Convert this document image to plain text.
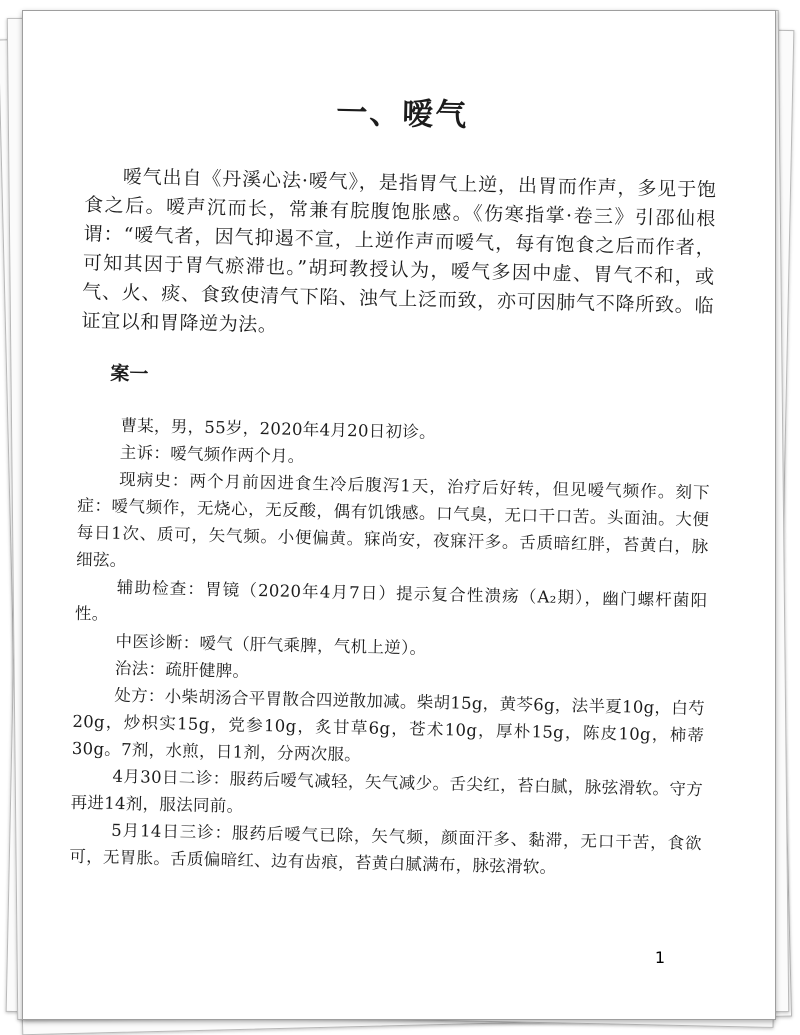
一、嗳气

嗳气出自《丹溪心法·嗳气》，是指胃气上逆，出胃而作声，多见于饱食之后。嗳声沉而长，常兼有脘腹饱胀感。《伤寒指掌·卷三》引邵仙根谓：“嗳气者，因气抑遏不宣，上逆作声而嗳气，每有饱食之后而作者，可知其因于胃气瘀滞也。”胡珂教授认为，嗳气多因中虚、胃气不和，或气、火、痰、食致使清气下陷、浊气上泛而致，亦可因肺气不降所致。临证宜以和胃降逆为法。

案一

曹某，男，55岁，2020年4月20日初诊。

主诉：嗳气频作两个月。

现病史：两个月前因进食生冷后腹泻1天，治疗后好转，但见嗳气频作。刻下症：嗳气频作，无烧心，无反酸，偶有饥饿感。口气臭，无口干口苦。头面油。大便每日1次、质可，矢气频。小便偏黄。寐尚安，夜寐汗多。舌质暗红胖，苔黄白，脉细弦。

辅助检查：胃镜（2020年4月7日）提示复合性溃疡（A₂期），幽门螺杆菌阳性。

中医诊断：嗳气（肝气乘脾，气机上逆）。

治法：疏肝健脾。

处方：小柴胡汤合平胃散合四逆散加减。柴胡15g，黄芩6g，法半夏10g，白芍20g，炒枳实15g，党参10g，炙甘草6g，苍术10g，厚朴15g，陈皮10g，柿蒂30g。7剂，水煎，日1剂，分两次服。

4月30日二诊：服药后嗳气减轻，矢气减少。舌尖红，苔白腻，脉弦滑软。守方再进14剂，服法同前。

5月14日三诊：服药后嗳气已除，矢气频，颜面汗多、黏滞，无口干苦，食欲可，无胃胀。舌质偏暗红、边有齿痕，苔黄白腻满布，脉弦滑软。

1
